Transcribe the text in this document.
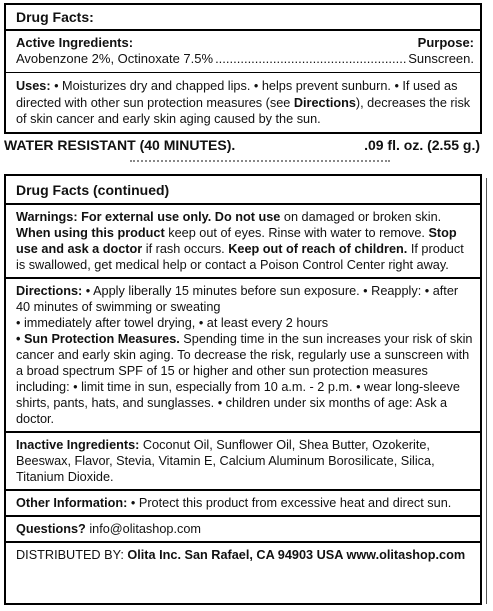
Drug Facts:
Active Ingredients:	Purpose:
Avobenzone 2%, Octinoxate 7.5%
.....	Sunscreen.
Uses: • Moisturizes dry and chapped lips. • helps prevent sunburn. • If used as directed with other sun protection measures (see Directions), decreases the risk of skin cancer and early skin aging caused by the sun.
WATER RESISTANT (40 MINUTES).	.09 fl. oz. (2.55 g.)
Drug Facts (continued)
Warnings: For external use only. Do not use on damaged or broken skin. When using this product keep out of eyes. Rinse with water to remove. Stop use and ask a doctor if rash occurs. Keep out of reach of children. If product is swallowed, get medical help or contact a Poison Control Center right away.
Directions: • Apply liberally 15 minutes before sun exposure. • Reapply: • after 40 minutes of swimming or sweating
• immediately after towel drying, • at least every 2 hours
• Sun Protection Measures. Spending time in the sun increases your risk of skin cancer and early skin aging. To decrease the risk, regularly use a sunscreen with a broad spectrum SPF of 15 or higher and other sun protection measures including: • limit time in sun, especially from 10 a.m. - 2 p.m. • wear long-sleeve shirts, pants, hats, and sunglasses. • children under six months of age: Ask a doctor.
Inactive Ingredients: Coconut Oil, Sunflower Oil, Shea Butter, Ozokerite, Beeswax, Flavor, Stevia, Vitamin E, Calcium Aluminum Borosilicate, Silica, Titanium Dioxide.
Other Information: • Protect this product from excessive heat and direct sun.
Questions? info@olitashop.com
DISTRIBUTED BY: Olita Inc. San Rafael, CA 94903 USA www.olitashop.com
